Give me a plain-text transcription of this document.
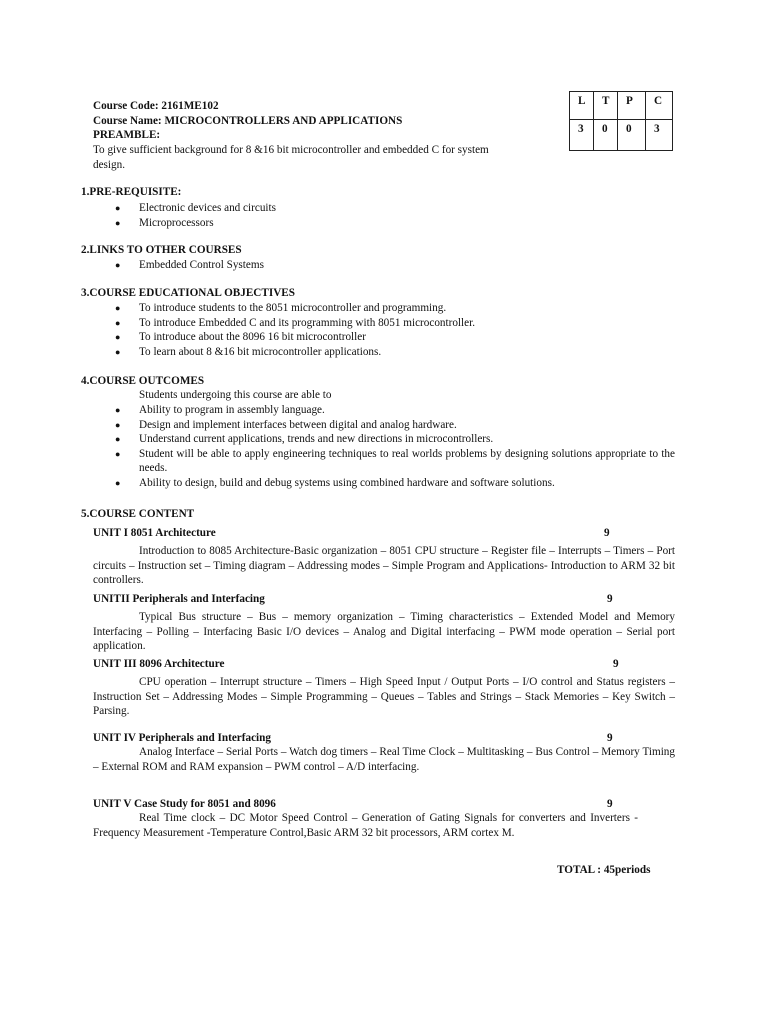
Course Code: 2161ME102
Course Name: MICROCONTROLLERS AND APPLICATIONS
PREAMBLE:
To give sufficient background for 8 &16 bit microcontroller and embedded C for system
design.
L	T	P	C
3	0	0	3
1.PRE-REQUISITE:
● Electronic devices and circuits
● Microprocessors
2.LINKS TO OTHER COURSES
● Embedded Control Systems
3.COURSE EDUCATIONAL OBJECTIVES
● To introduce students to the 8051 microcontroller and programming.
● To introduce Embedded C and its programming with 8051 microcontroller.
● To introduce about the 8096 16 bit microcontroller
● To learn about 8 &16 bit microcontroller applications.
4.COURSE OUTCOMES
Students undergoing this course are able to
● Ability to program in assembly language.
● Design and implement interfaces between digital and analog hardware.
● Understand current applications, trends and new directions in microcontrollers.
● Student will be able to apply engineering techniques to real worlds problems by designing solutions appropriate to the needs.
● Ability to design, build and debug systems using combined hardware and software solutions.
5.COURSE CONTENT
UNIT I 8051 Architecture	9
Introduction to 8085 Architecture-Basic organization – 8051 CPU structure – Register file – Interrupts – Timers – Port circuits – Instruction set – Timing diagram – Addressing modes – Simple Program and Applications- Introduction to ARM 32 bit controllers.
UNITII Peripherals and Interfacing	9
Typical Bus structure – Bus – memory organization – Timing characteristics – Extended Model and Memory Interfacing – Polling – Interfacing Basic I/O devices – Analog and Digital interfacing – PWM mode operation – Serial port application.
UNIT III 8096 Architecture	9
CPU operation – Interrupt structure – Timers – High Speed Input / Output Ports – I/O control and Status registers – Instruction Set – Addressing Modes – Simple Programming – Queues – Tables and Strings – Stack Memories – Key Switch – Parsing.
UNIT IV Peripherals and Interfacing	9
Analog Interface – Serial Ports – Watch dog timers – Real Time Clock – Multitasking – Bus Control – Memory Timing – External ROM and RAM expansion – PWM control – A/D interfacing.
UNIT V Case Study for 8051 and 8096	9
Real Time clock – DC Motor Speed Control – Generation of Gating Signals for converters and Inverters -Frequency Measurement -Temperature Control,Basic ARM 32 bit processors, ARM cortex M.
TOTAL : 45periods
